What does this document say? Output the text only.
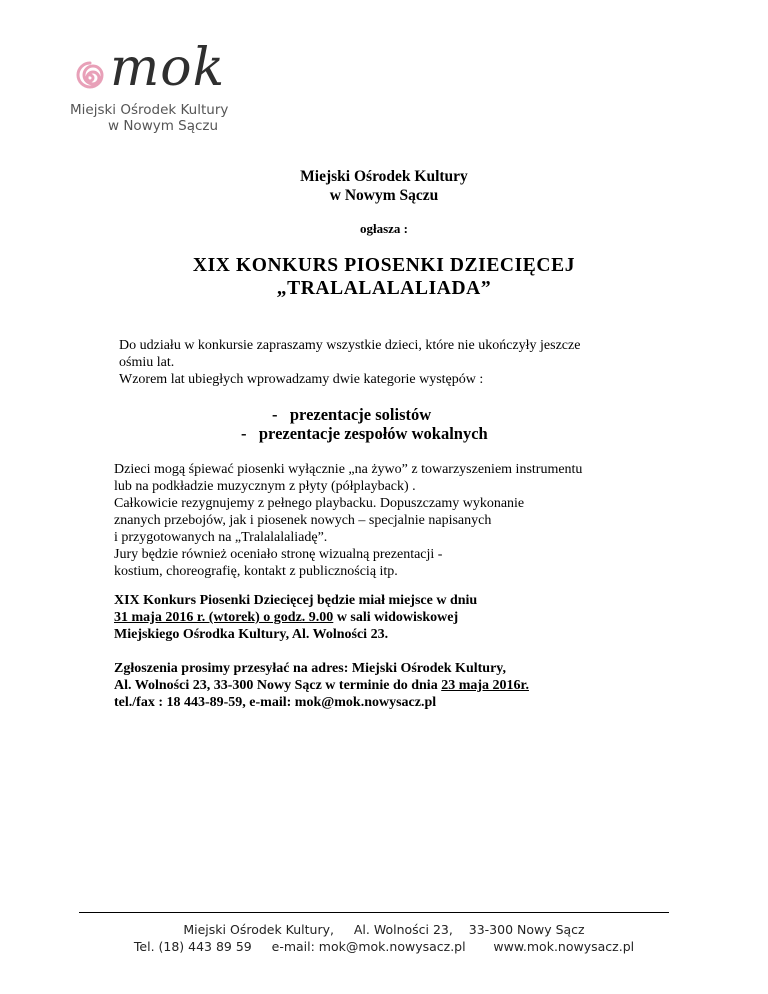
mok

Miejski Ośrodek Kultury

w Nowym Sączu

Miejski Ośrodek Kultury
w Nowym Sączu
ogłasza :
XIX KONKURS PIOSENKI DZIECIĘCEJ
„TRALALALALIADA”

Do udziału w konkursie zapraszamy wszystkie dzieci, które nie ukończyły jeszcze

ośmiu lat.

Wzorem lat ubiegłych wprowadzamy dwie kategorie występów :

-   prezentacje solistów
-   prezentacje zespołów wokalnych

Dzieci mogą śpiewać piosenki wyłącznie „na żywo” z towarzyszeniem instrumentu

lub na podkładzie muzycznym z płyty (półplayback) .

Całkowicie rezygnujemy z pełnego playbacku. Dopuszczamy wykonanie

znanych przebojów, jak i piosenek nowych – specjalnie napisanych

i przygotowanych na „Tralalalaliadę”.

Jury będzie również oceniało stronę wizualną prezentacji -

kostium, choreografię, kontakt z publicznością itp.

XIX Konkurs Piosenki Dziecięcej będzie miał miejsce w dniu

31 maja 2016 r. (wtorek) o godz. 9.00 w sali widowiskowej

Miejskiego Ośrodka Kultury, Al. Wolności 23.

Zgłoszenia prosimy przesyłać na adres: Miejski Ośrodek Kultury,

Al. Wolności 23, 33-300 Nowy Sącz w terminie do dnia 23 maja 2016r.

tel./fax : 18 443-89-59, e-mail: mok@mok.nowysacz.pl

Miejski Ośrodek Kultury,     Al. Wolności 23,    33-300 Nowy Sącz
Tel. (18) 443 89 59     e-mail: mok@mok.nowysacz.pl       www.mok.nowysacz.pl
